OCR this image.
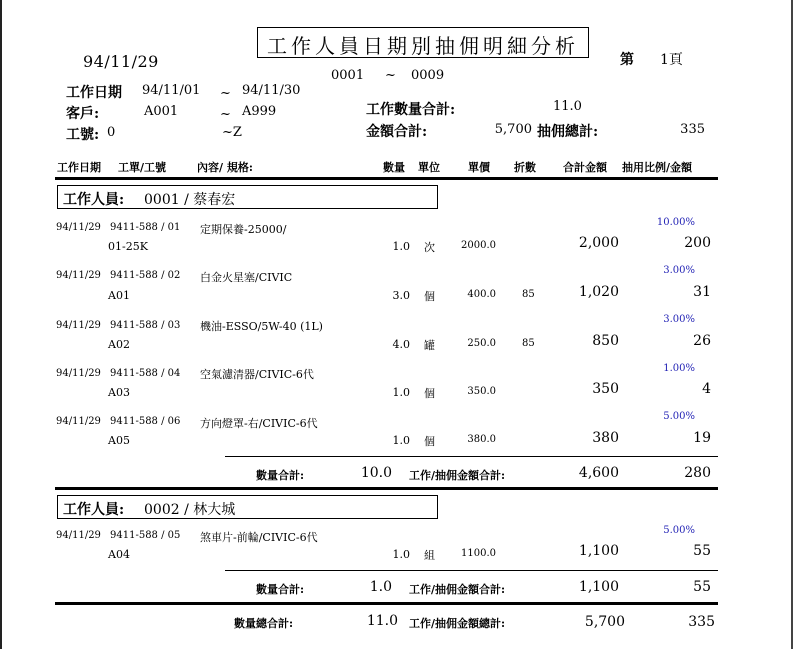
94/11/29
工作人員日期別抽佣明細分析
第 1頁
0001 ~ 0009
工作日期 94/11/01 ~ 94/11/30
客戶:	A001	~ A999
工號: 0	~Z
工作數量合計:	11.0
金額合計:	5,700 抽佣總計:	335
工作日期 工單/工號	內容/ 規格:	數量 單位	單價 折數 合計金額 抽用比例/金額
工作人員: 0001 / 蔡春宏
94/11/29 9411-588 / 01 定期保養-25000/
01-25K	1.0 次	2000.0	2,000
10.00%
200
94/11/29 9411-588 / 02 白金火星塞/CIVIC
A01	3.0 個	400.0	85	1,020
3.00%
31
94/11/29 9411-588 / 03 機油-ESSO/5W-40 (1L)
A02	4.0 罐	250.0	85	850
3.00%
26
94/11/29 9411-588 / 04 空氣濾清器/CIVIC-6代
A03	1.0 個	350.0	350
1.00%
4
94/11/29 9411-588 / 06 方向燈罩-右/CIVIC-6代
A05	1.0 個	380.0	380
5.00%
19
數量合計:	10.0 工作/抽佣金額合計:	4,600	280
工作人員: 0002 / 林大城
94/11/29 9411-588 / 05 煞車片-前輪/CIVIC-6代
A04	1.0 組	1100.0	1,100
5.00%
55
數量合計:	1.0 工作/抽佣金額合計:	1,100	55
數量總合計:	11.0 工作/抽佣金額總計:	5,700	335
